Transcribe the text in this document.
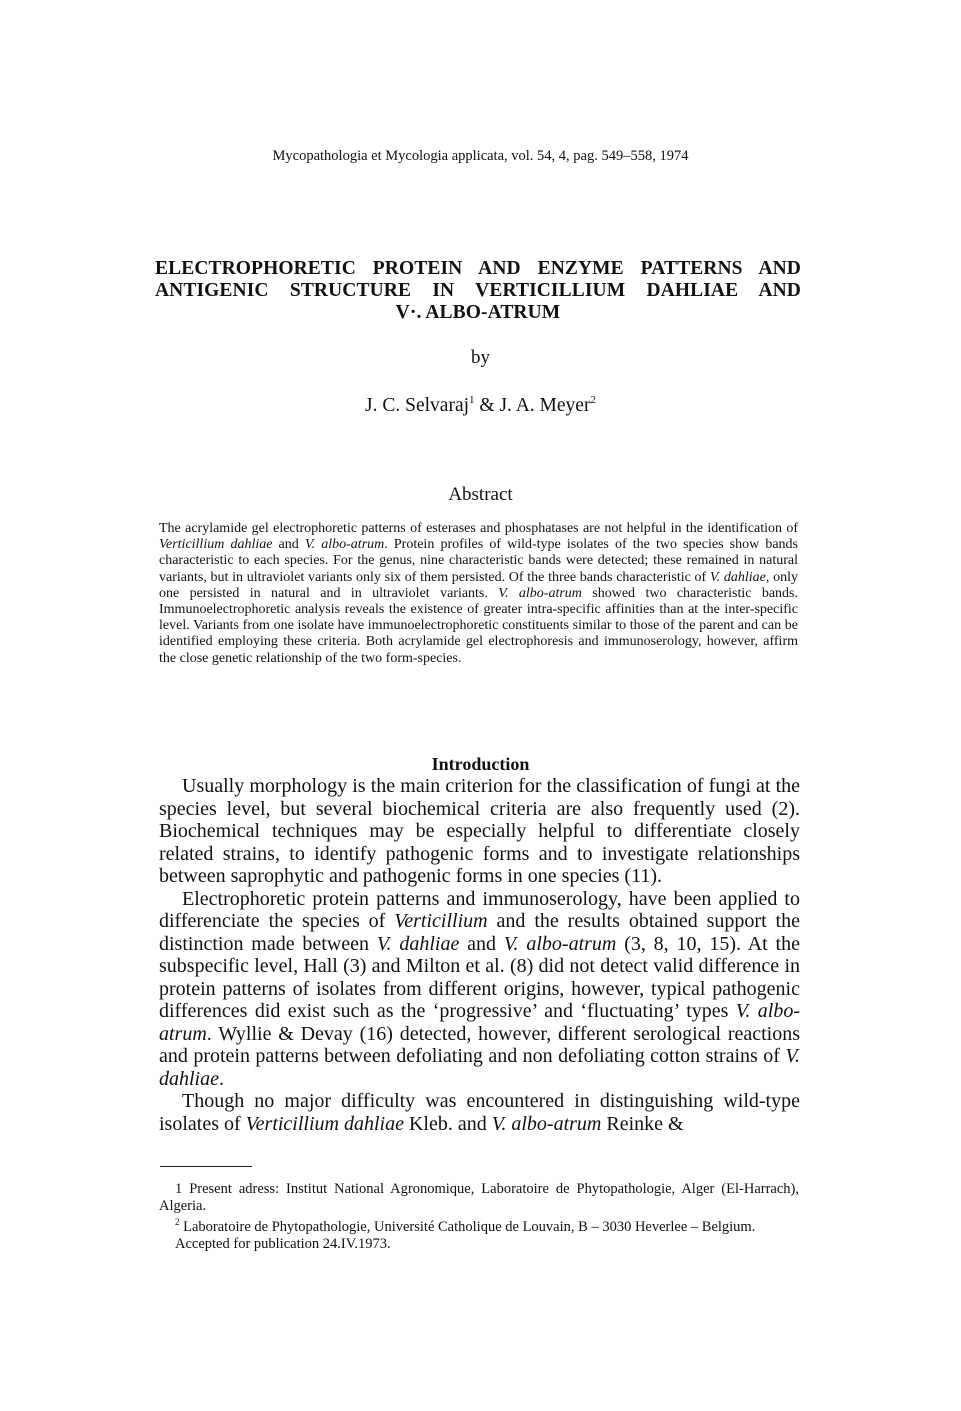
Mycopathologia et Mycologia applicata, vol. 54, 4, pag. 549–558, 1974
ELECTROPHORETIC PROTEIN AND ENZYME PATTERNS AND
ANTIGENIC STRUCTURE IN VERTICILLIUM DAHLIAE AND
V·. ALBO-ATRUM
by
J. C. Selvaraj$^1$ & J. A. Meyer$^2$
Abstract
The acrylamide gel electrophoretic patterns of esterases and phosphatases are not helpful in the identification of Verticillium dahliae and V. albo-atrum. Protein profiles of wild-type isolates of the two species show bands characteristic to each species. For the genus, nine characteristic bands were detected; these remained in natural variants, but in ultraviolet variants only six of them persisted. Of the three bands characteristic of V. dahliae, only one persisted in natural and in ultraviolet variants. V. albo-atrum showed two characteristic bands. Immunoelectrophoretic analysis reveals the existence of greater intra-specific affinities than at the inter-specific level. Variants from one isolate have immunoelectrophoretic constituents similar to those of the parent and can be identified employing these criteria. Both acrylamide gel electrophoresis and immunoserology, however, affirm the close genetic relationship of the two form-species.
Introduction

Usually morphology is the main criterion for the classification of fungi at the species level, but several biochemical criteria are also frequently used (2). Biochemical techniques may be especially helpful to differentiate closely related strains, to identify pathogenic forms and to investigate relationships between saprophytic and pathogenic forms in one species (11).

Electrophoretic protein patterns and immunoserology, have been applied to differenciate the species of Verticillium and the results obtained support the distinction made between V. dahliae and V. albo-atrum (3, 8, 10, 15). At the subspecific level, Hall (3) and Milton et al. (8) did not detect valid difference in protein patterns of isolates from different origins, however, typical pathogenic differences did exist such as the ‘progressive’ and ‘fluctuating’ types V. albo-atrum. Wyllie & Devay (16) detected, however, different serological reactions and protein patterns between defoliating and non defoliating cotton strains of V. dahliae.

Though no major difficulty was encountered in distinguishing wild-type isolates of Verticillium dahliae Kleb. and V. albo-atrum Reinke &

1 Present adress: Institut National Agronomique, Laboratoire de Phytopathologie, Alger (El-Harrach), Algeria.

$^2$ Laboratoire de Phytopathologie, Université Catholique de Louvain, B – 3030 Heverlee – Belgium.

Accepted for publication 24.IV.1973.
